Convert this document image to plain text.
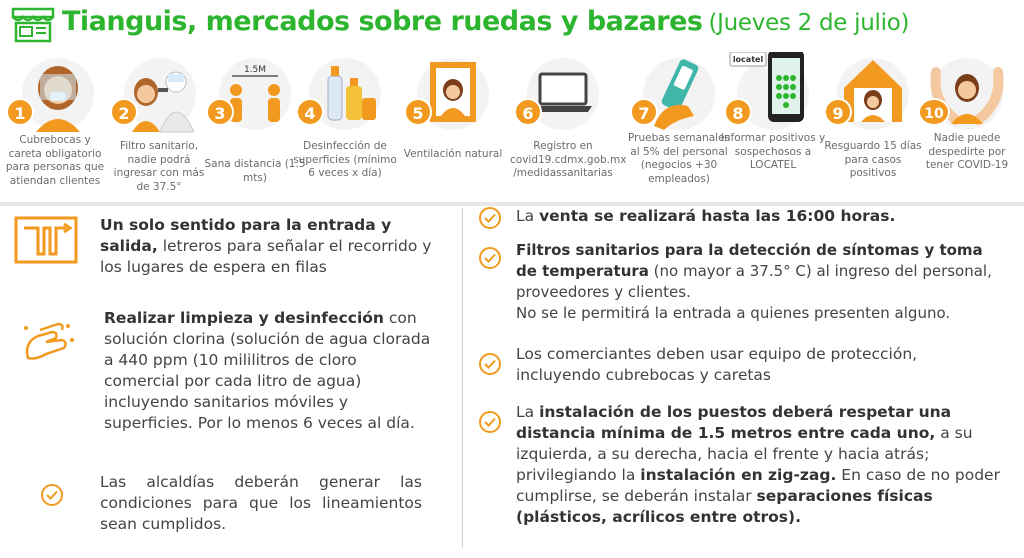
Tianguis, mercados sobre ruedas y bazares (Jueves 2 de julio)
1
Cubrebocas y careta obligatorio para personas que atiendan clientes
2
Filtro sanitario, nadie podrá ingresar con más de 37.5°
1.5M
3
Sana distancia (1.5 mts)
4
Desinfección de superficies (mínimo 6 veces x día)
5
Ventilación natural
6
Registro en covid19.cdmx.gob.mx /medidassanitarias
7
Pruebas semanales al 5% del personal (negocios +30 empleados)
locatel
8
Informar positivos y sospechosos a LOCATEL
9
Resguardo 15 días para casos positivos
10
Nadie puede despedirte por tener COVID-19
Un solo sentido para la entrada y salida, letreros para señalar el recorrido y los lugares de espera en filas
Realizar limpieza y desinfección con solución clorina (solución de agua clorada a 440 ppm (10 mililitros de cloro comercial por cada litro de agua) incluyendo sanitarios móviles y superficies. Por lo menos 6 veces al día.
Las alcaldías deberán generar las condiciones para que los lineamientos sean cumplidos.
La venta se realizará hasta las 16:00 horas.
Filtros sanitarios para la detección de síntomas y toma de temperatura (no mayor a 37.5° C) al ingreso del personal, proveedores y clientes.
No se le permitirá la entrada a quienes presenten alguno.
Los comerciantes deben usar equipo de protección, incluyendo cubrebocas y caretas
La instalación de los puestos deberá respetar una distancia mínima de 1.5 metros entre cada uno, a su izquierda, a su derecha, hacia el frente y hacia atrás; privilegiando la instalación en zig-zag. En caso de no poder cumplirse, se deberán instalar separaciones físicas (plásticos, acrílicos entre otros).
